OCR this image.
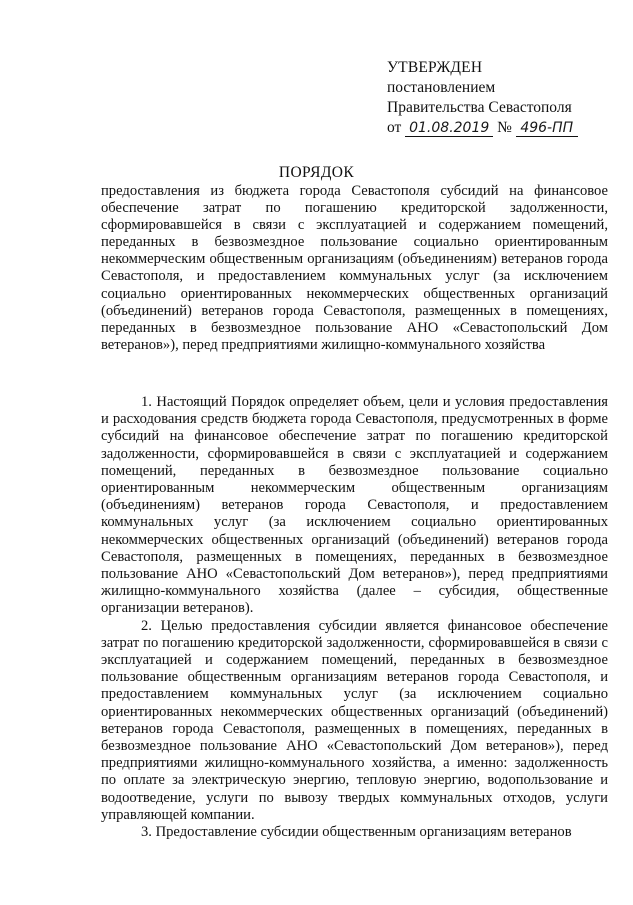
УТВЕРЖДЕН
постановлением
Правительства Севастополя
от 01.08.2019 № 496-ПП
ПОРЯДОК
предоставления из бюджета города Севастополя субсидий на финансовое обеспечение затрат по погашению кредиторской задолженности, сформировавшейся в связи с эксплуатацией и содержанием помещений, переданных в безвозмездное пользование социально ориентированным некоммерческим общественным организациям (объединениям) ветеранов города Севастополя, и предоставлением коммунальных услуг (за исключением социально ориентированных некоммерческих общественных организаций (объединений) ветеранов города Севастополя, размещенных в помещениях, переданных в безвозмездное пользование АНО «Севастопольский Дом ветеранов»), перед предприятиями жилищно-коммунального хозяйства

1. Настоящий Порядок определяет объем, цели и условия предоставления и расходования средств бюджета города Севастополя, предусмотренных в форме субсидий на финансовое обеспечение затрат по погашению кредиторской задолженности, сформировавшейся в связи с эксплуатацией и содержанием помещений, переданных в безвозмездное пользование социально ориентированным некоммерческим общественным организациям (объединениям) ветеранов города Севастополя, и предоставлением коммунальных услуг (за исключением социально ориентированных некоммерческих общественных организаций (объединений) ветеранов города Севастополя, размещенных в помещениях, переданных в безвозмездное пользование АНО «Севастопольский Дом ветеранов»), перед предприятиями жилищно-коммунального хозяйства (далее – субсидия, общественные организации ветеранов).

2. Целью предоставления субсидии является финансовое обеспечение затрат по погашению кредиторской задолженности, сформировавшейся в связи с эксплуатацией и содержанием помещений, переданных в безвозмездное пользование общественным организациям ветеранов города Севастополя, и предоставлением коммунальных услуг (за исключением социально ориентированных некоммерческих общественных организаций (объединений) ветеранов города Севастополя, размещенных в помещениях, переданных в безвозмездное пользование АНО «Севастопольский Дом ветеранов»), перед предприятиями жилищно-коммунального хозяйства, а именно: задолженность по оплате за электрическую энергию, тепловую энергию, водопользование и водоотведение, услуги по вывозу твердых коммунальных отходов, услуги управляющей компании.

3. Предоставление субсидии общественным организациям ветеранов
